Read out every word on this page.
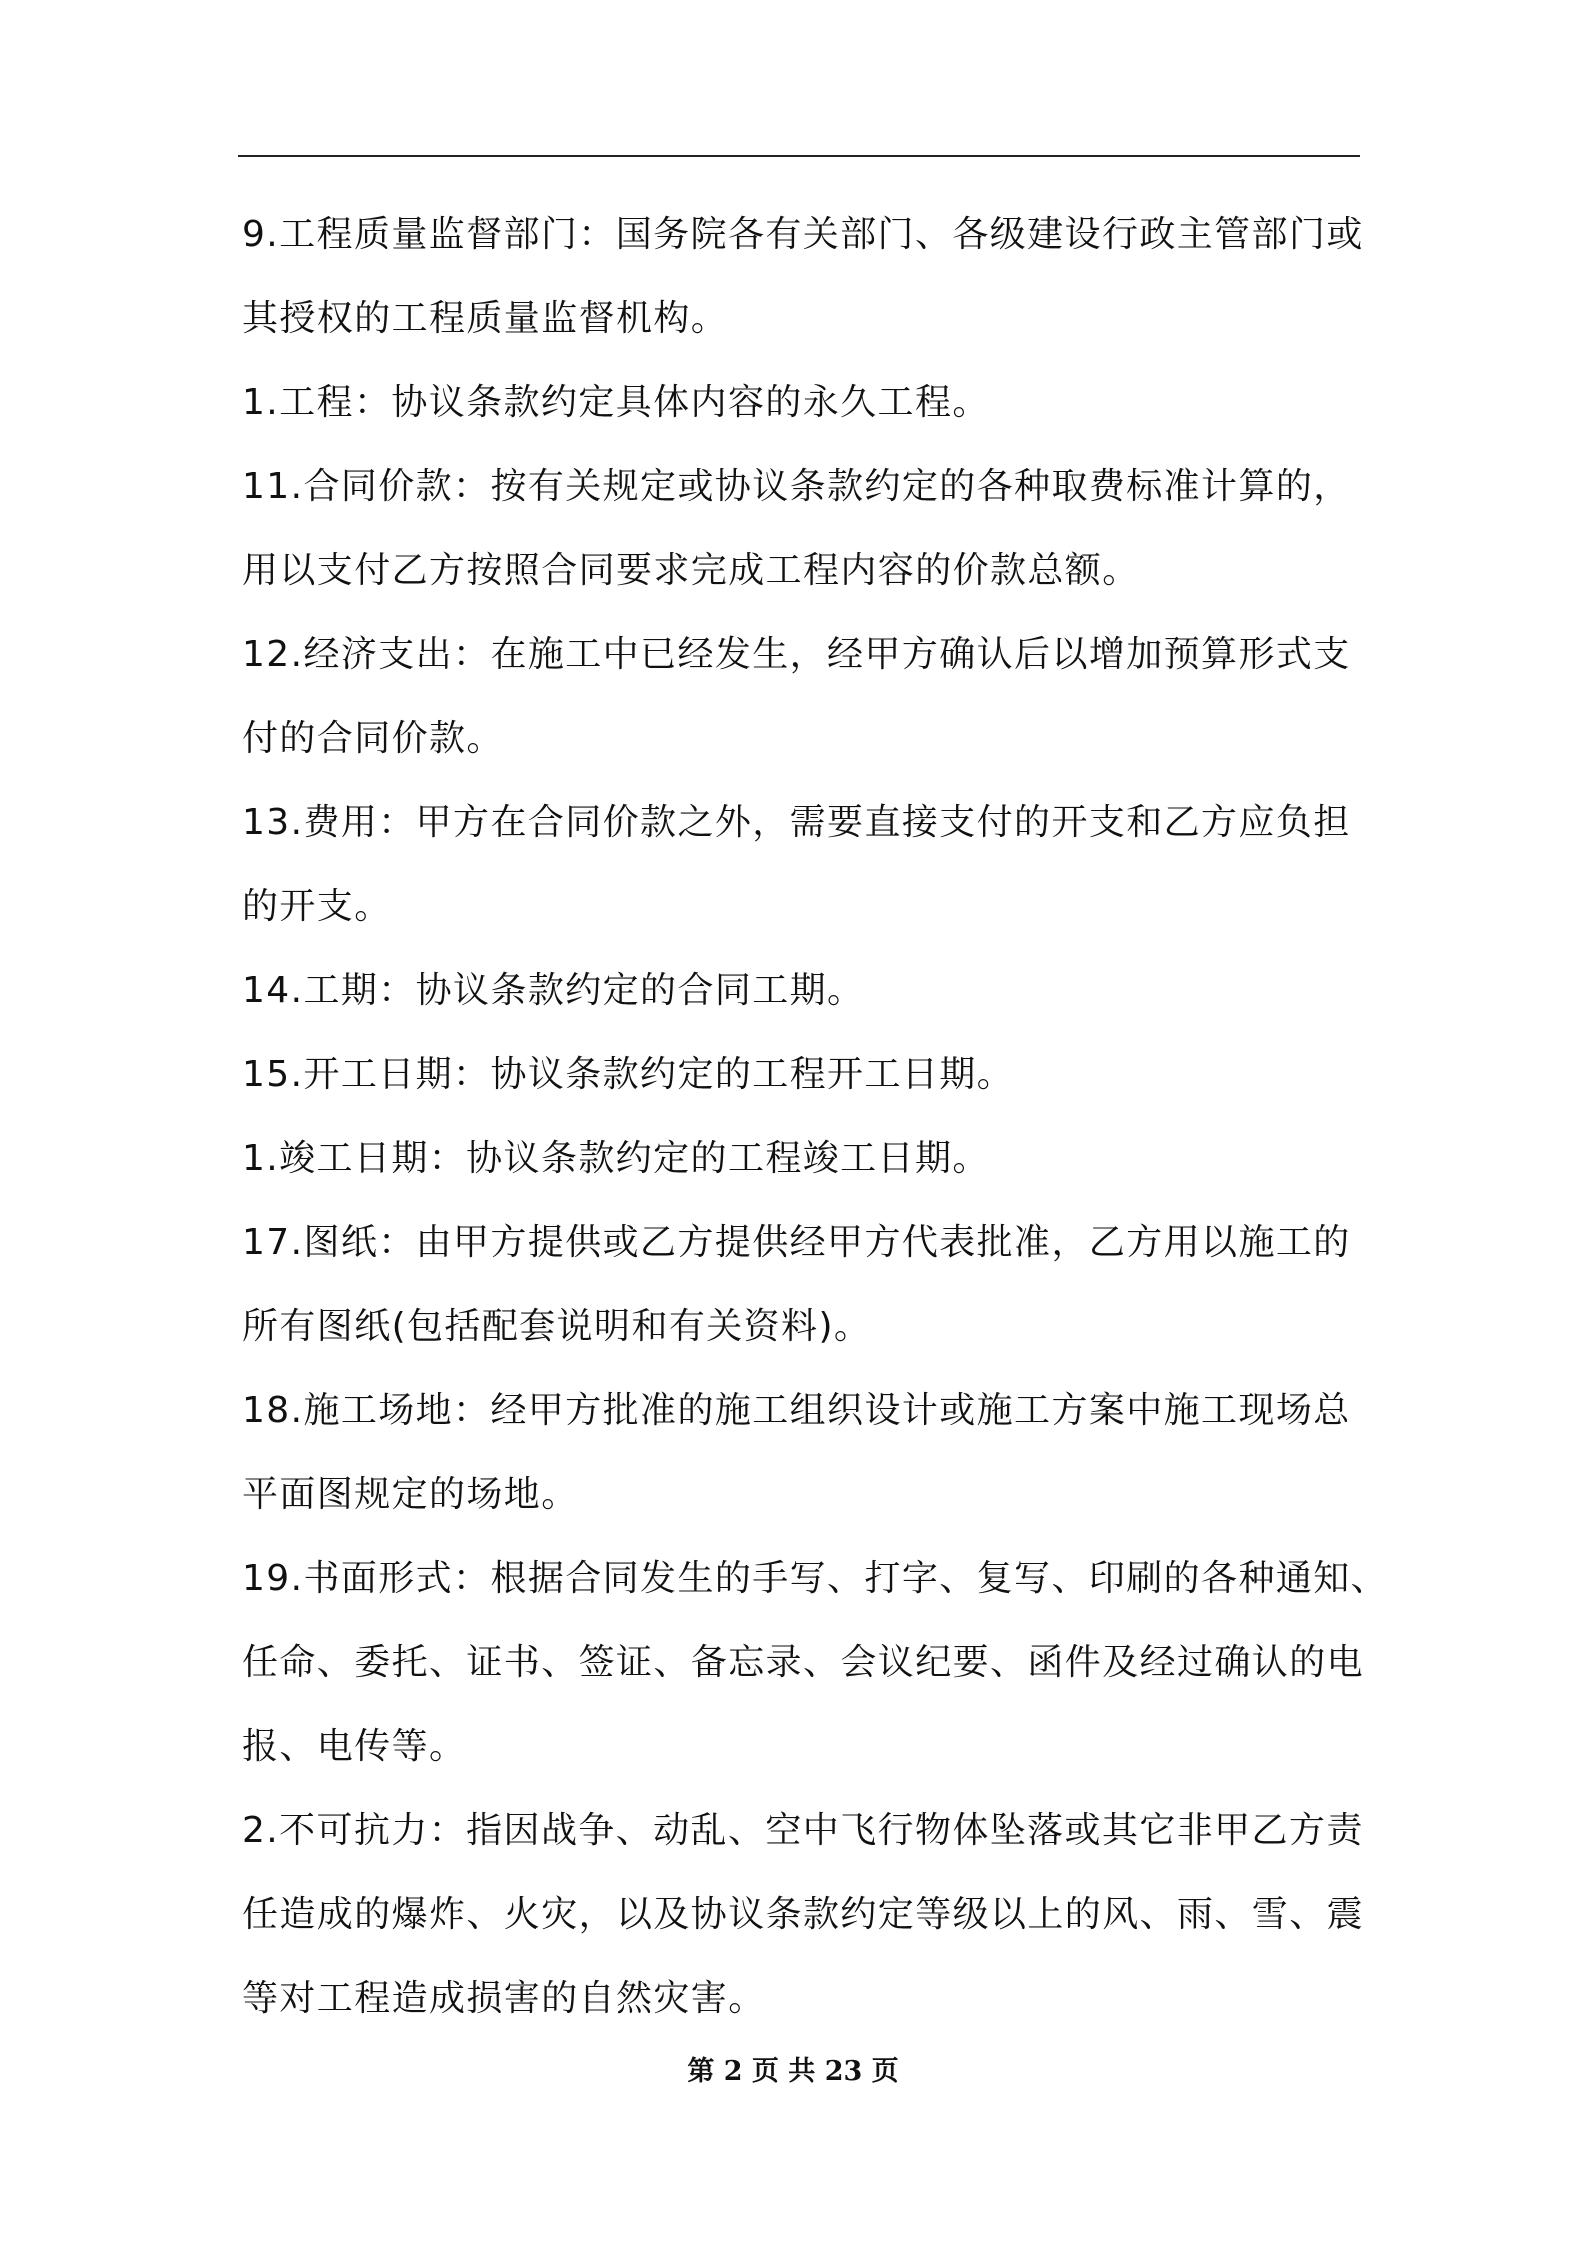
9.工程质量监督部门：国务院各有关部门、各级建设行政主管部门或
其授权的工程质量监督机构。
1.工程：协议条款约定具体内容的永久工程。
11.合同价款：按有关规定或协议条款约定的各种取费标准计算的，
用以支付乙方按照合同要求完成工程内容的价款总额。
12.经济支出：在施工中已经发生，经甲方确认后以增加预算形式支
付的合同价款。
13.费用：甲方在合同价款之外，需要直接支付的开支和乙方应负担
的开支。
14.工期：协议条款约定的合同工期。
15.开工日期：协议条款约定的工程开工日期。
1.竣工日期：协议条款约定的工程竣工日期。
17.图纸：由甲方提供或乙方提供经甲方代表批准，乙方用以施工的
所有图纸(包括配套说明和有关资料)。
18.施工场地：经甲方批准的施工组织设计或施工方案中施工现场总
平面图规定的场地。
19.书面形式：根据合同发生的手写、打字、复写、印刷的各种通知、
任命、委托、证书、签证、备忘录、会议纪要、函件及经过确认的电
报、电传等。
2.不可抗力：指因战争、动乱、空中飞行物体坠落或其它非甲乙方责
任造成的爆炸、火灾，以及协议条款约定等级以上的风、雨、雪、震
等对工程造成损害的自然灾害。
第 2 页 共 23 页
